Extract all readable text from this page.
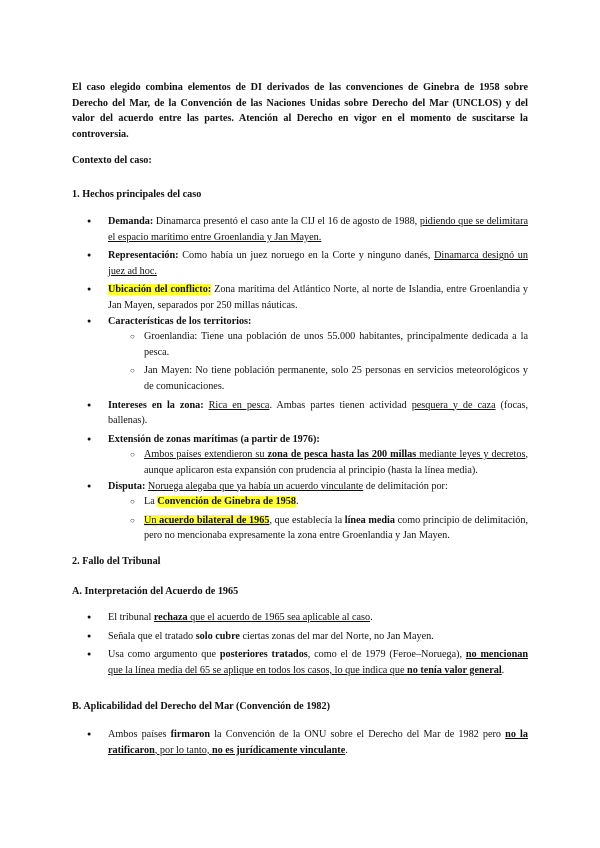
El caso elegido combina elementos de DI derivados de las convenciones de Ginebra de 1958 sobre Derecho del Mar, de la Convención de las Naciones Unidas sobre Derecho del Mar (UNCLOS) y del valor del acuerdo entre las partes. Atención al Derecho en vigor en el momento de suscitarse la controversia.

Contexto del caso:

1. Hechos principales del caso

● Demanda: Dinamarca presentó el caso ante la CIJ el 16 de agosto de 1988, pidiendo que se delimitara el espacio marítimo entre Groenlandia y Jan Mayen.
● Representación: Como había un juez noruego en la Corte y ninguno danés, Dinamarca designó un juez ad hoc.
● Ubicación del conflicto: Zona marítima del Atlántico Norte, al norte de Islandia, entre Groenlandia y Jan Mayen, separados por 250 millas náuticas.
● Características de los territorios:
○ Groenlandia: Tiene una población de unos 55.000 habitantes, principalmente dedicada a la pesca.
○ Jan Mayen: No tiene población permanente, solo 25 personas en servicios meteorológicos y de comunicaciones.
● Intereses en la zona: Rica en pesca. Ambas partes tienen actividad pesquera y de caza (focas, ballenas).
● Extensión de zonas marítimas (a partir de 1976):
○ Ambos países extendieron su zona de pesca hasta las 200 millas mediante leyes y decretos, aunque aplicaron esta expansión con prudencia al principio (hasta la línea media).
● Disputa: Noruega alegaba que ya había un acuerdo vinculante de delimitación por:
○ La Convención de Ginebra de 1958.
○ Un acuerdo bilateral de 1965, que establecía la línea media como principio de delimitación, pero no mencionaba expresamente la zona entre Groenlandia y Jan Mayen.

2. Fallo del Tribunal

A. Interpretación del Acuerdo de 1965

● El tribunal rechaza que el acuerdo de 1965 sea aplicable al caso.
● Señala que el tratado solo cubre ciertas zonas del mar del Norte, no Jan Mayen.
● Usa como argumento que posteriores tratados, como el de 1979 (Feroe–Noruega), no mencionan que la línea media del 65 se aplique en todos los casos, lo que indica que no tenía valor general.

B. Aplicabilidad del Derecho del Mar (Convención de 1982)

● Ambos países firmaron la Convención de la ONU sobre el Derecho del Mar de 1982 pero no la ratificaron, por lo tanto, no es jurídicamente vinculante.
